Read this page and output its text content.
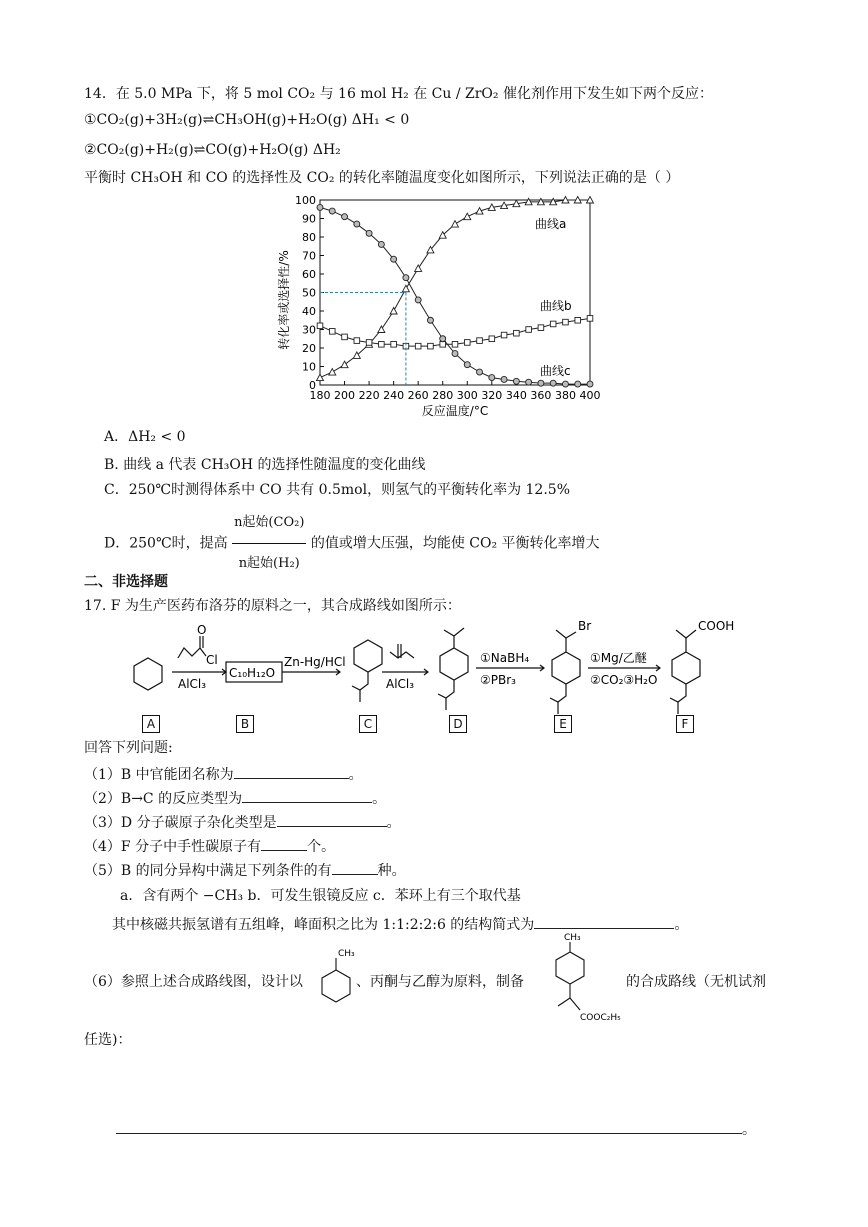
14．在 5.0 MPa 下，将 5 mol CO₂ 与 16 mol H₂ 在 Cu / ZrO₂ 催化剂作用下发生如下两个反应：
①CO₂(g)+3H₂(g)⇌CH₃OH(g)+H₂O(g) ΔH₁ < 0
②CO₂(g)+H₂(g)⇌CO(g)+H₂O(g) ΔH₂
平衡时 CH₃OH 和 CO 的选择性及 CO₂ 的转化率随温度变化如图所示，下列说法正确的是（ ）
0
10
20
30
40
50
60
70
80
90
100
180 200 220 240 260 280 300 320 340 360 380 400
转化率或选择性/%
反应温度/°C
曲线a
曲线b
曲线c
A．ΔH₂ < 0
B. 曲线 a 代表 CH₃OH 的选择性随温度的变化曲线
C．250℃时测得体系中 CO 共有 0.5mol，则氢气的平衡转化率为 12.5%
D．250℃时，提高 $\frac{\text{n起始(CO₂)}}{\text{n起始(H₂)}}$ 的值或增大压强，均能使 CO₂ 平衡转化率增大
二、非选择题
17. F 为生产医药布洛芬的原料之一，其合成路线如图所示：
AlCl₃
Cl
O
C₁₀H₁₂O
Zn-Hg/HCl
AlCl₃
①NaBH₄
②PBr₃
Br
①Mg/乙醚
②CO₂③H₂O
COOH
A	B	C	D	E	F
回答下列问题:
（1）B 中官能团名称为	。
（2）B→C 的反应类型为	。
（3）D 分子碳原子杂化类型是	。
（4）F 分子中手性碳原子有	个。
（5）B 的同分异构中满足下列条件的有	种。
a．含有两个 −CH₃ b．可发生银镜反应 c．苯环上有三个取代基
其中核磁共振氢谱有五组峰，峰面积之比为 1:1:2:2:6 的结构简式为	。
（6）参照上述合成路线图，设计以
CH₃
、丙酮与乙醇为原料，制备
CH₃
COOC₂H₅
的合成路线（无机试剂
任选)：
。
